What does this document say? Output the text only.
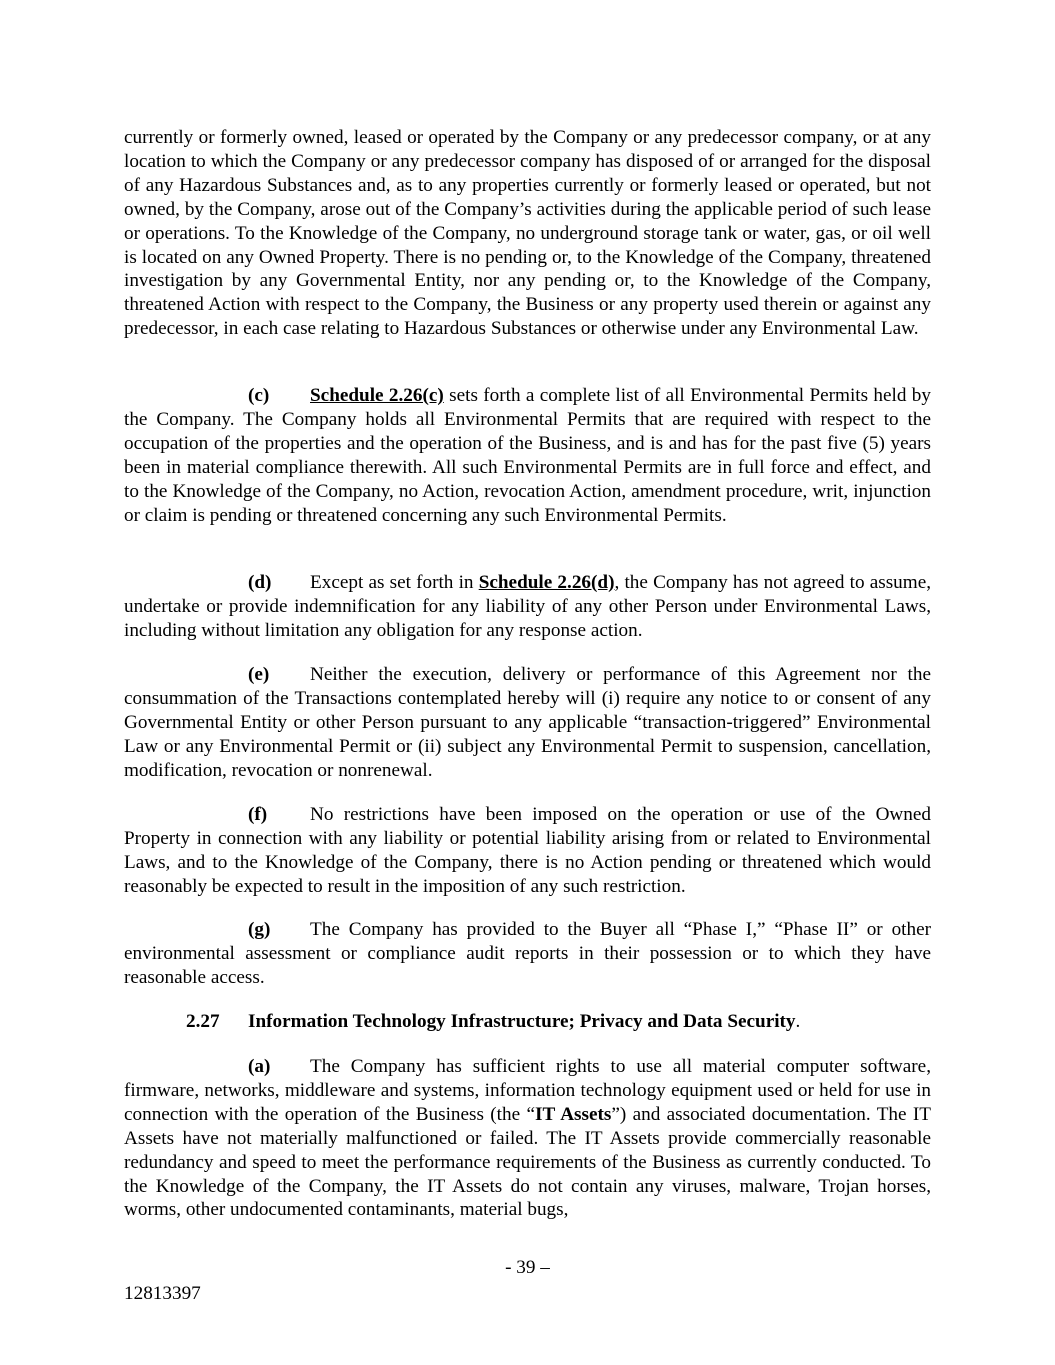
currently or formerly owned, leased or operated by the Company or any predecessor company, or at any location to which the Company or any predecessor company has disposed of or arranged for the disposal of any Hazardous Substances and, as to any properties currently or formerly leased or operated, but not owned, by the Company, arose out of the Company’s activities during the applicable period of such lease or operations. To the Knowledge of the Company, no underground storage tank or water, gas, or oil well is located on any Owned Property. There is no pending or, to the Knowledge of the Company, threatened investigation by any Governmental Entity, nor any pending or, to the Knowledge of the Company, threatened Action with respect to the Company, the Business or any property used therein or against any predecessor, in each case relating to Hazardous Substances or otherwise under any Environmental Law.

(c) Schedule 2.26(c) sets forth a complete list of all Environmental Permits held by the Company. The Company holds all Environmental Permits that are required with respect to the occupation of the properties and the operation of the Business, and is and has for the past five (5) years been in material compliance therewith. All such Environmental Permits are in full force and effect, and to the Knowledge of the Company, no Action, revocation Action, amendment procedure, writ, injunction or claim is pending or threatened concerning any such Environmental Permits.

(d) Except as set forth in Schedule 2.26(d), the Company has not agreed to assume, undertake or provide indemnification for any liability of any other Person under Environmental Laws, including without limitation any obligation for any response action.

(e) Neither the execution, delivery or performance of this Agreement nor the consummation of the Transactions contemplated hereby will (i) require any notice to or consent of any Governmental Entity or other Person pursuant to any applicable “transaction-triggered” Environmental Law or any Environmental Permit or (ii) subject any Environmental Permit to suspension, cancellation, modification, revocation or nonrenewal.

(f) No restrictions have been imposed on the operation or use of the Owned Property in connection with any liability or potential liability arising from or related to Environmental Laws, and to the Knowledge of the Company, there is no Action pending or threatened which would reasonably be expected to result in the imposition of any such restriction.

(g) The Company has provided to the Buyer all “Phase I,” “Phase II” or other environmental assessment or compliance audit reports in their possession or to which they have reasonable access.

2.27 Information Technology Infrastructure; Privacy and Data Security.

(a) The Company has sufficient rights to use all material computer software, firmware, networks, middleware and systems, information technology equipment used or held for use in connection with the operation of the Business (the “IT Assets”) and associated documentation. The IT Assets have not materially malfunctioned or failed. The IT Assets provide commercially reasonable redundancy and speed to meet the performance requirements of the Business as currently conducted. To the Knowledge of the Company, the IT Assets do not contain any viruses, malware, Trojan horses, worms, other undocumented contaminants, material bugs,

- 39 –

12813397
